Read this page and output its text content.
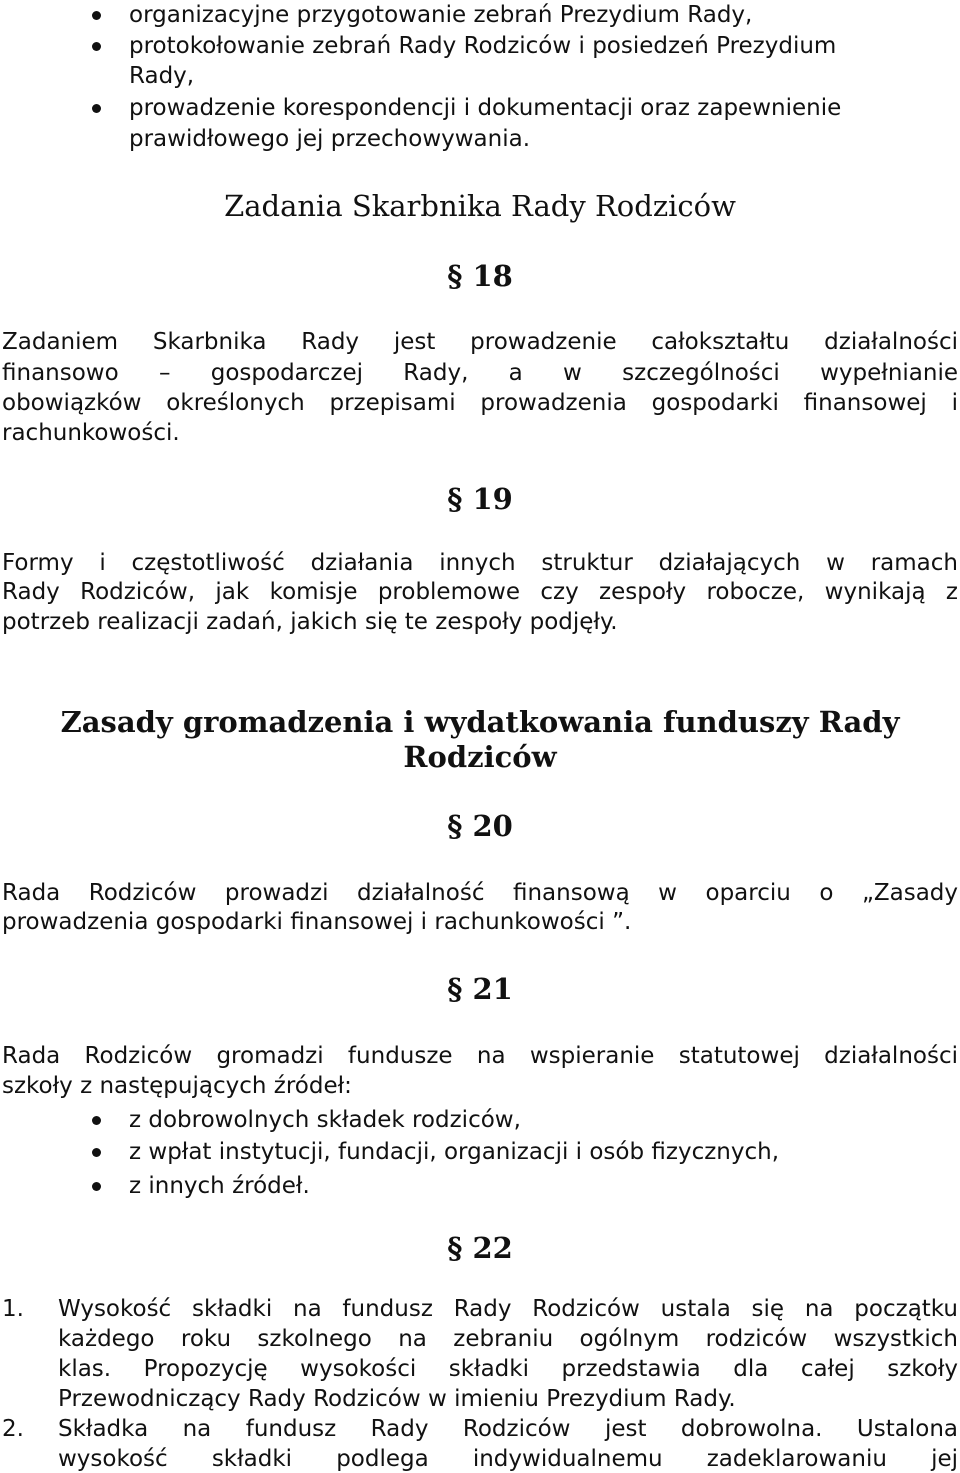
organizacyjne przygotowanie zebrań Prezydium Rady,
protokołowanie zebrań Rady Rodziców i posiedzeń Prezydium
Rady,
prowadzenie korespondencji i dokumentacji oraz zapewnienie
prawidłowego jej przechowywania.
Zadania Skarbnika Rady Rodziców
§ 18
Zadaniem Skarbnika Rady jest prowadzenie całokształtu działalności
finansowo – gospodarczej Rady, a w szczególności wypełnianie
obowiązków określonych przepisami prowadzenia gospodarki finansowej i
rachunkowości.
§ 19
Formy i częstotliwość działania innych struktur działających w ramach
Rady Rodziców, jak komisje problemowe czy zespoły robocze, wynikają z
potrzeb realizacji zadań, jakich się te zespoły podjęły.
Zasady gromadzenia i wydatkowania funduszy Rady
Rodziców
§ 20
Rada Rodziców prowadzi działalność finansową w oparciu o „Zasady
prowadzenia gospodarki finansowej i rachunkowości ”.
§ 21
Rada Rodziców gromadzi fundusze na wspieranie statutowej działalności
szkoły z następujących źródeł:
z dobrowolnych składek rodziców,
z wpłat instytucji, fundacji, organizacji i osób fizycznych,
z innych źródeł.
§ 22
1. Wysokość składki na fundusz Rady Rodziców ustala się na początku
każdego roku szkolnego na zebraniu ogólnym rodziców wszystkich
klas. Propozycję wysokości składki przedstawia dla całej szkoły
Przewodniczący Rady Rodziców w imieniu Prezydium Rady.
2. Składka na fundusz Rady Rodziców jest dobrowolna. Ustalona
wysokość składki podlega indywidualnemu zadeklarowaniu jej
